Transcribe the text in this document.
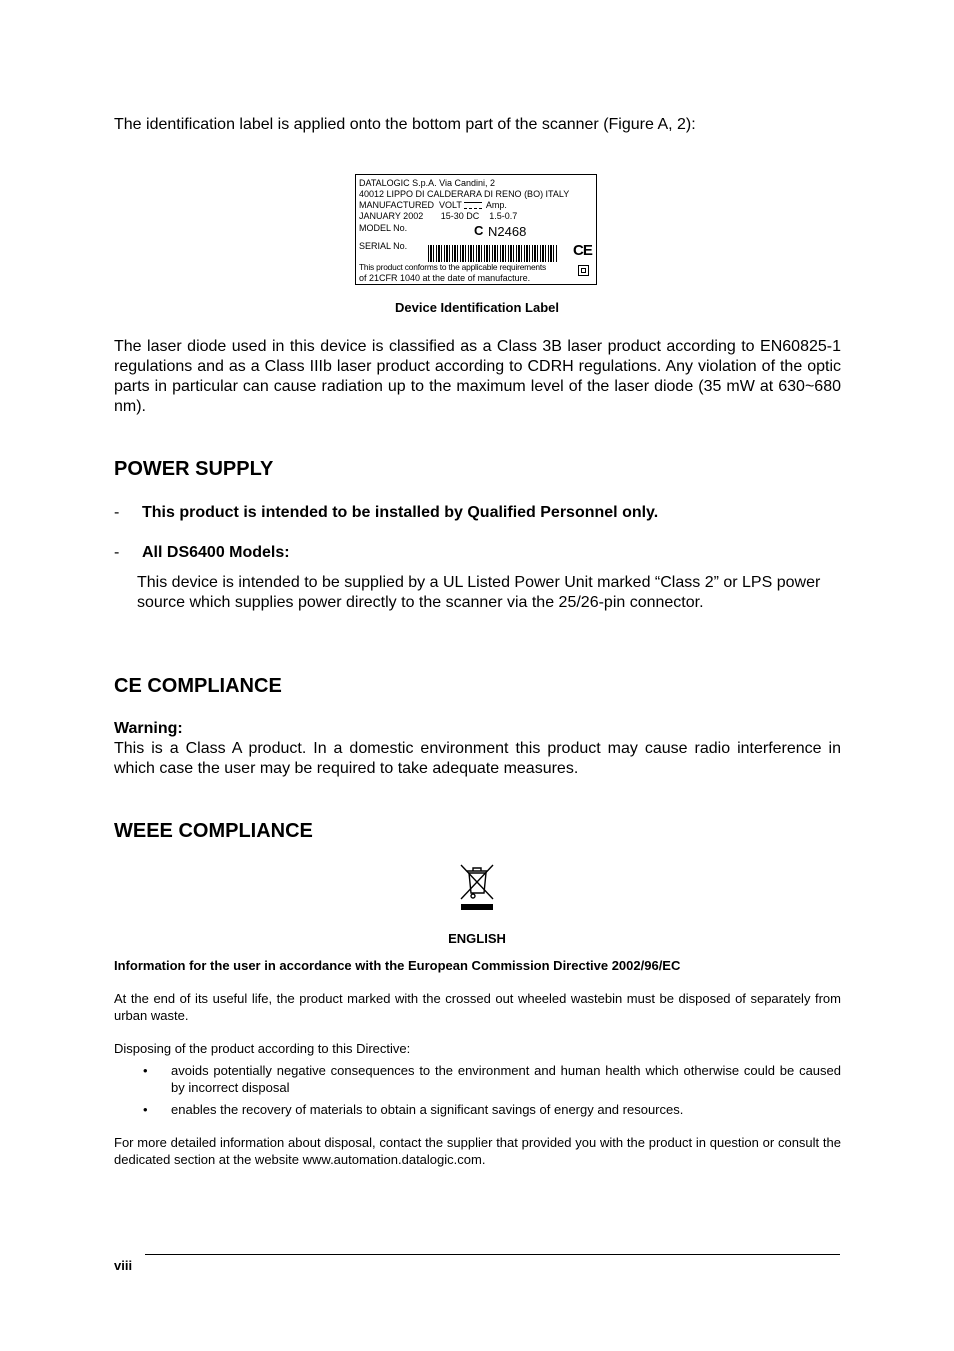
The identification label is applied onto the bottom part of the scanner (Figure A, 2):
DATALOGIC S.p.A. Via Candini, 2
40012 LIPPO DI CALDERARA DI RENO (BO) ITALY
MANUFACTURED VOLT	Amp.
JANUARY 2002 15-30 DC 1.5-0.7
MODEL No.	C N2468
SERIAL No.	CE
This product conforms to the applicable requirements
of 21CFR 1040 at the date of manufacture.
Device Identification Label
The laser diode used in this device is classified as a Class 3B laser product according to EN60825-1 regulations and as a Class IIIb laser product according to CDRH regulations. Any violation of the optic parts in particular can cause radiation up to the maximum level of the laser diode (35 mW at 630~680 nm).
POWER SUPPLY
- This product is intended to be installed by Qualified Personnel only.
- All DS6400 Models:
This device is intended to be supplied by a UL Listed Power Unit marked “Class 2” or LPS power source which supplies power directly to the scanner via the 25/26-pin connector.
CE COMPLIANCE
Warning:
This is a Class A product. In a domestic environment this product may cause radio interference in which case the user may be required to take adequate measures.
WEEE COMPLIANCE
ENGLISH
Information for the user in accordance with the European Commission Directive 2002/96/EC
At the end of its useful life, the product marked with the crossed out wheeled wastebin must be disposed of separately from urban waste.
Disposing of the product according to this Directive:
• avoids potentially negative consequences to the environment and human health which otherwise could be caused by incorrect disposal
• enables the recovery of materials to obtain a significant savings of energy and resources.
For more detailed information about disposal, contact the supplier that provided you with the product in question or consult the dedicated section at the website www.automation.datalogic.com.
viii
